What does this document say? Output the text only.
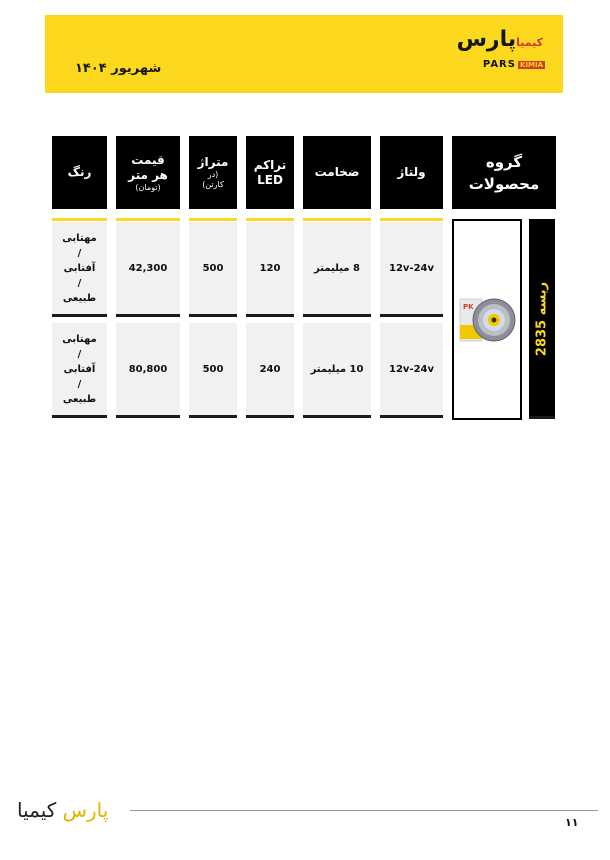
شهریور ۱۴۰۴
کیمیاپارس
PARS KIMIA
گروه محصولات
ولتاژ
ضخامت
تراکم LED
متراژ
(در کارتن)
قیمت هر متر
(تومان)
رنگ
12v-24v
8 میلیمتر
120
500
42,300
مهتابی / آفتابی / طبیعی
12v-24v
10 میلیمتر
240
500
80,800
مهتابی / آفتابی / طبیعی
PK
ریسه 2835
پارس کیمیا
۱۱
